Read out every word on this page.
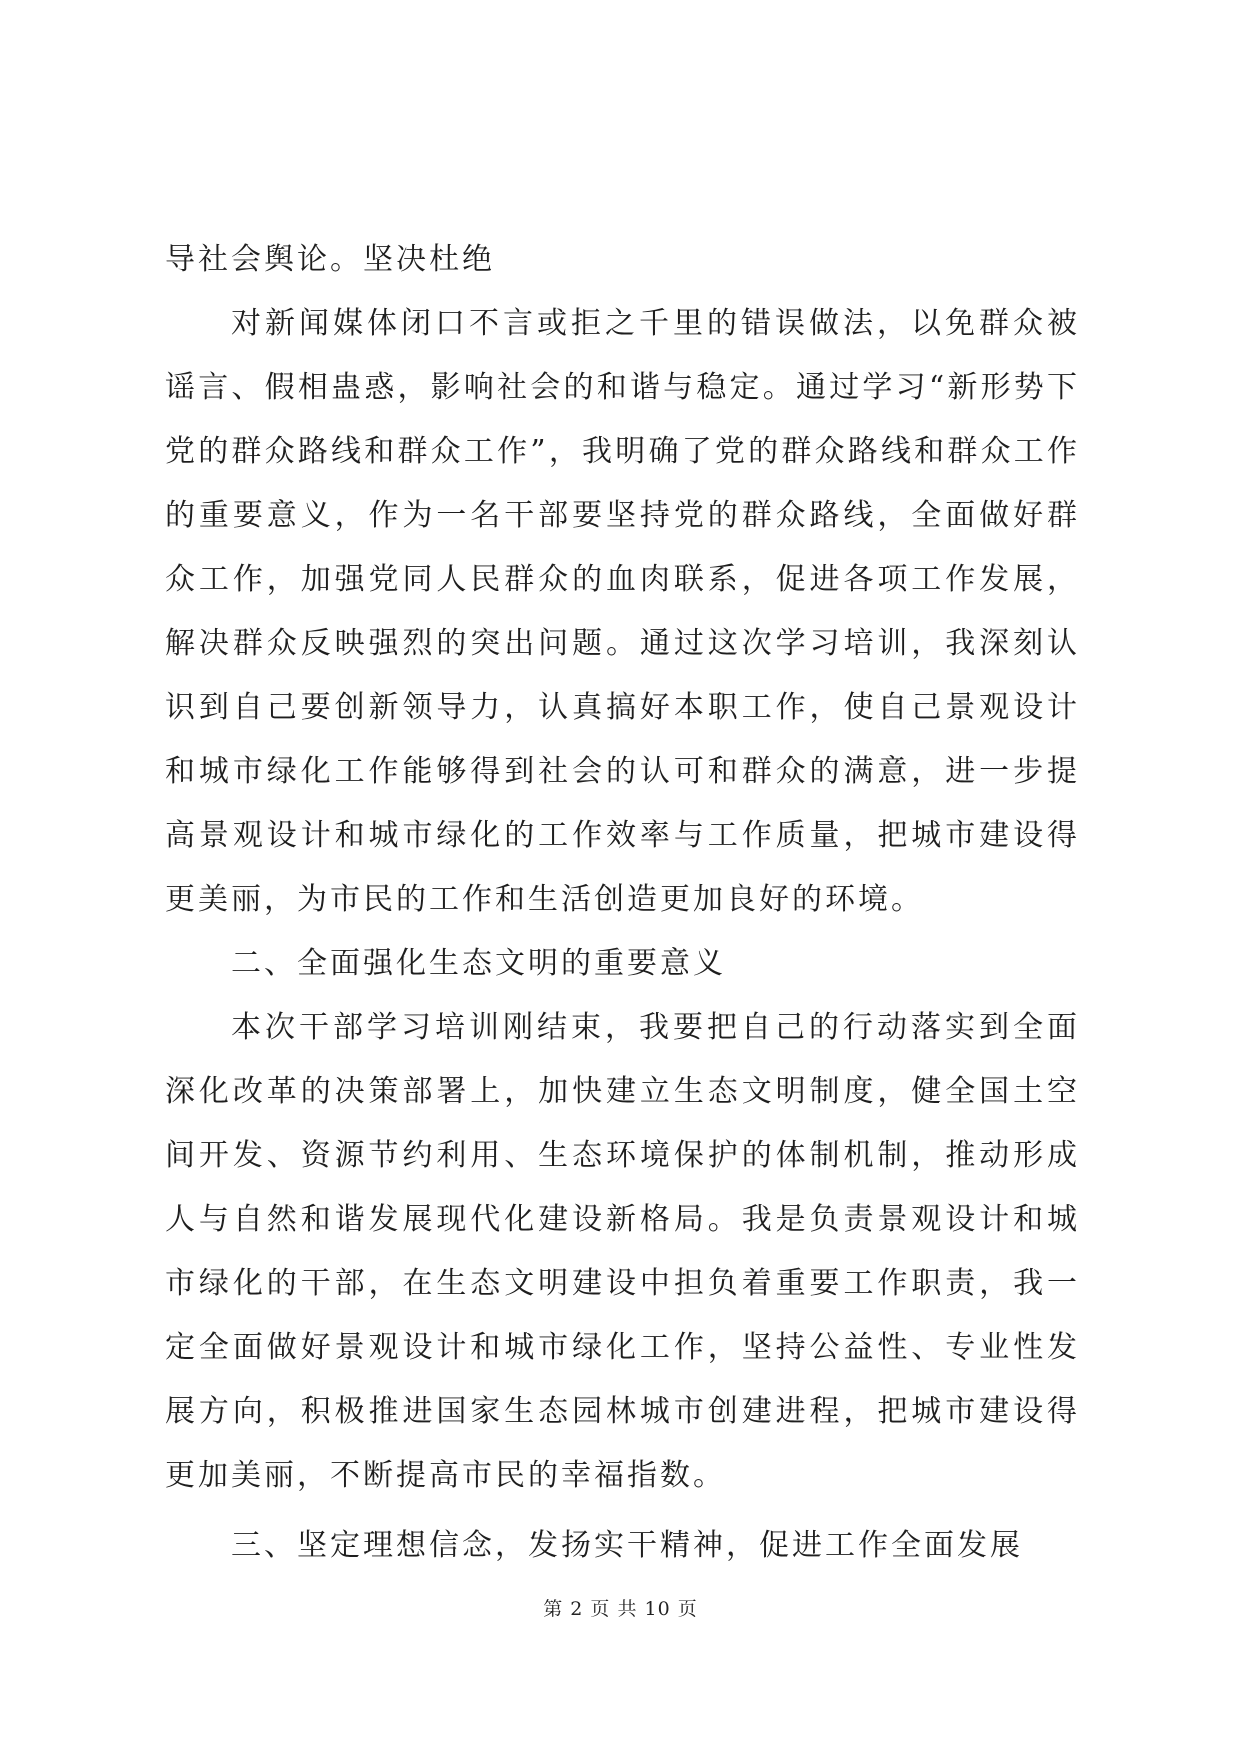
导社会舆论。坚决杜绝

对新闻媒体闭口不言或拒之千里的错误做法，以免群众被谣言、假相蛊惑，影响社会的和谐与稳定。通过学习“新形势下党的群众路线和群众工作”，我明确了党的群众路线和群众工作的重要意义，作为一名干部要坚持党的群众路线，全面做好群众工作，加强党同人民群众的血肉联系，促进各项工作发展，解决群众反映强烈的突出问题。通过这次学习培训，我深刻认识到自己要创新领导力，认真搞好本职工作，使自己景观设计和城市绿化工作能够得到社会的认可和群众的满意，进一步提高景观设计和城市绿化的工作效率与工作质量，把城市建设得更美丽，为市民的工作和生活创造更加良好的环境。

二、全面强化生态文明的重要意义

本次干部学习培训刚结束，我要把自己的行动落实到全面深化改革的决策部署上，加快建立生态文明制度，健全国土空间开发、资源节约利用、生态环境保护的体制机制，推动形成人与自然和谐发展现代化建设新格局。我是负责景观设计和城市绿化的干部，在生态文明建设中担负着重要工作职责，我一定全面做好景观设计和城市绿化工作，坚持公益性、专业性发展方向，积极推进国家生态园林城市创建进程，把城市建设得更加美丽，不断提高市民的幸福指数。

三、坚定理想信念，发扬实干精神，促进工作全面发展

第 2 页 共 10 页
